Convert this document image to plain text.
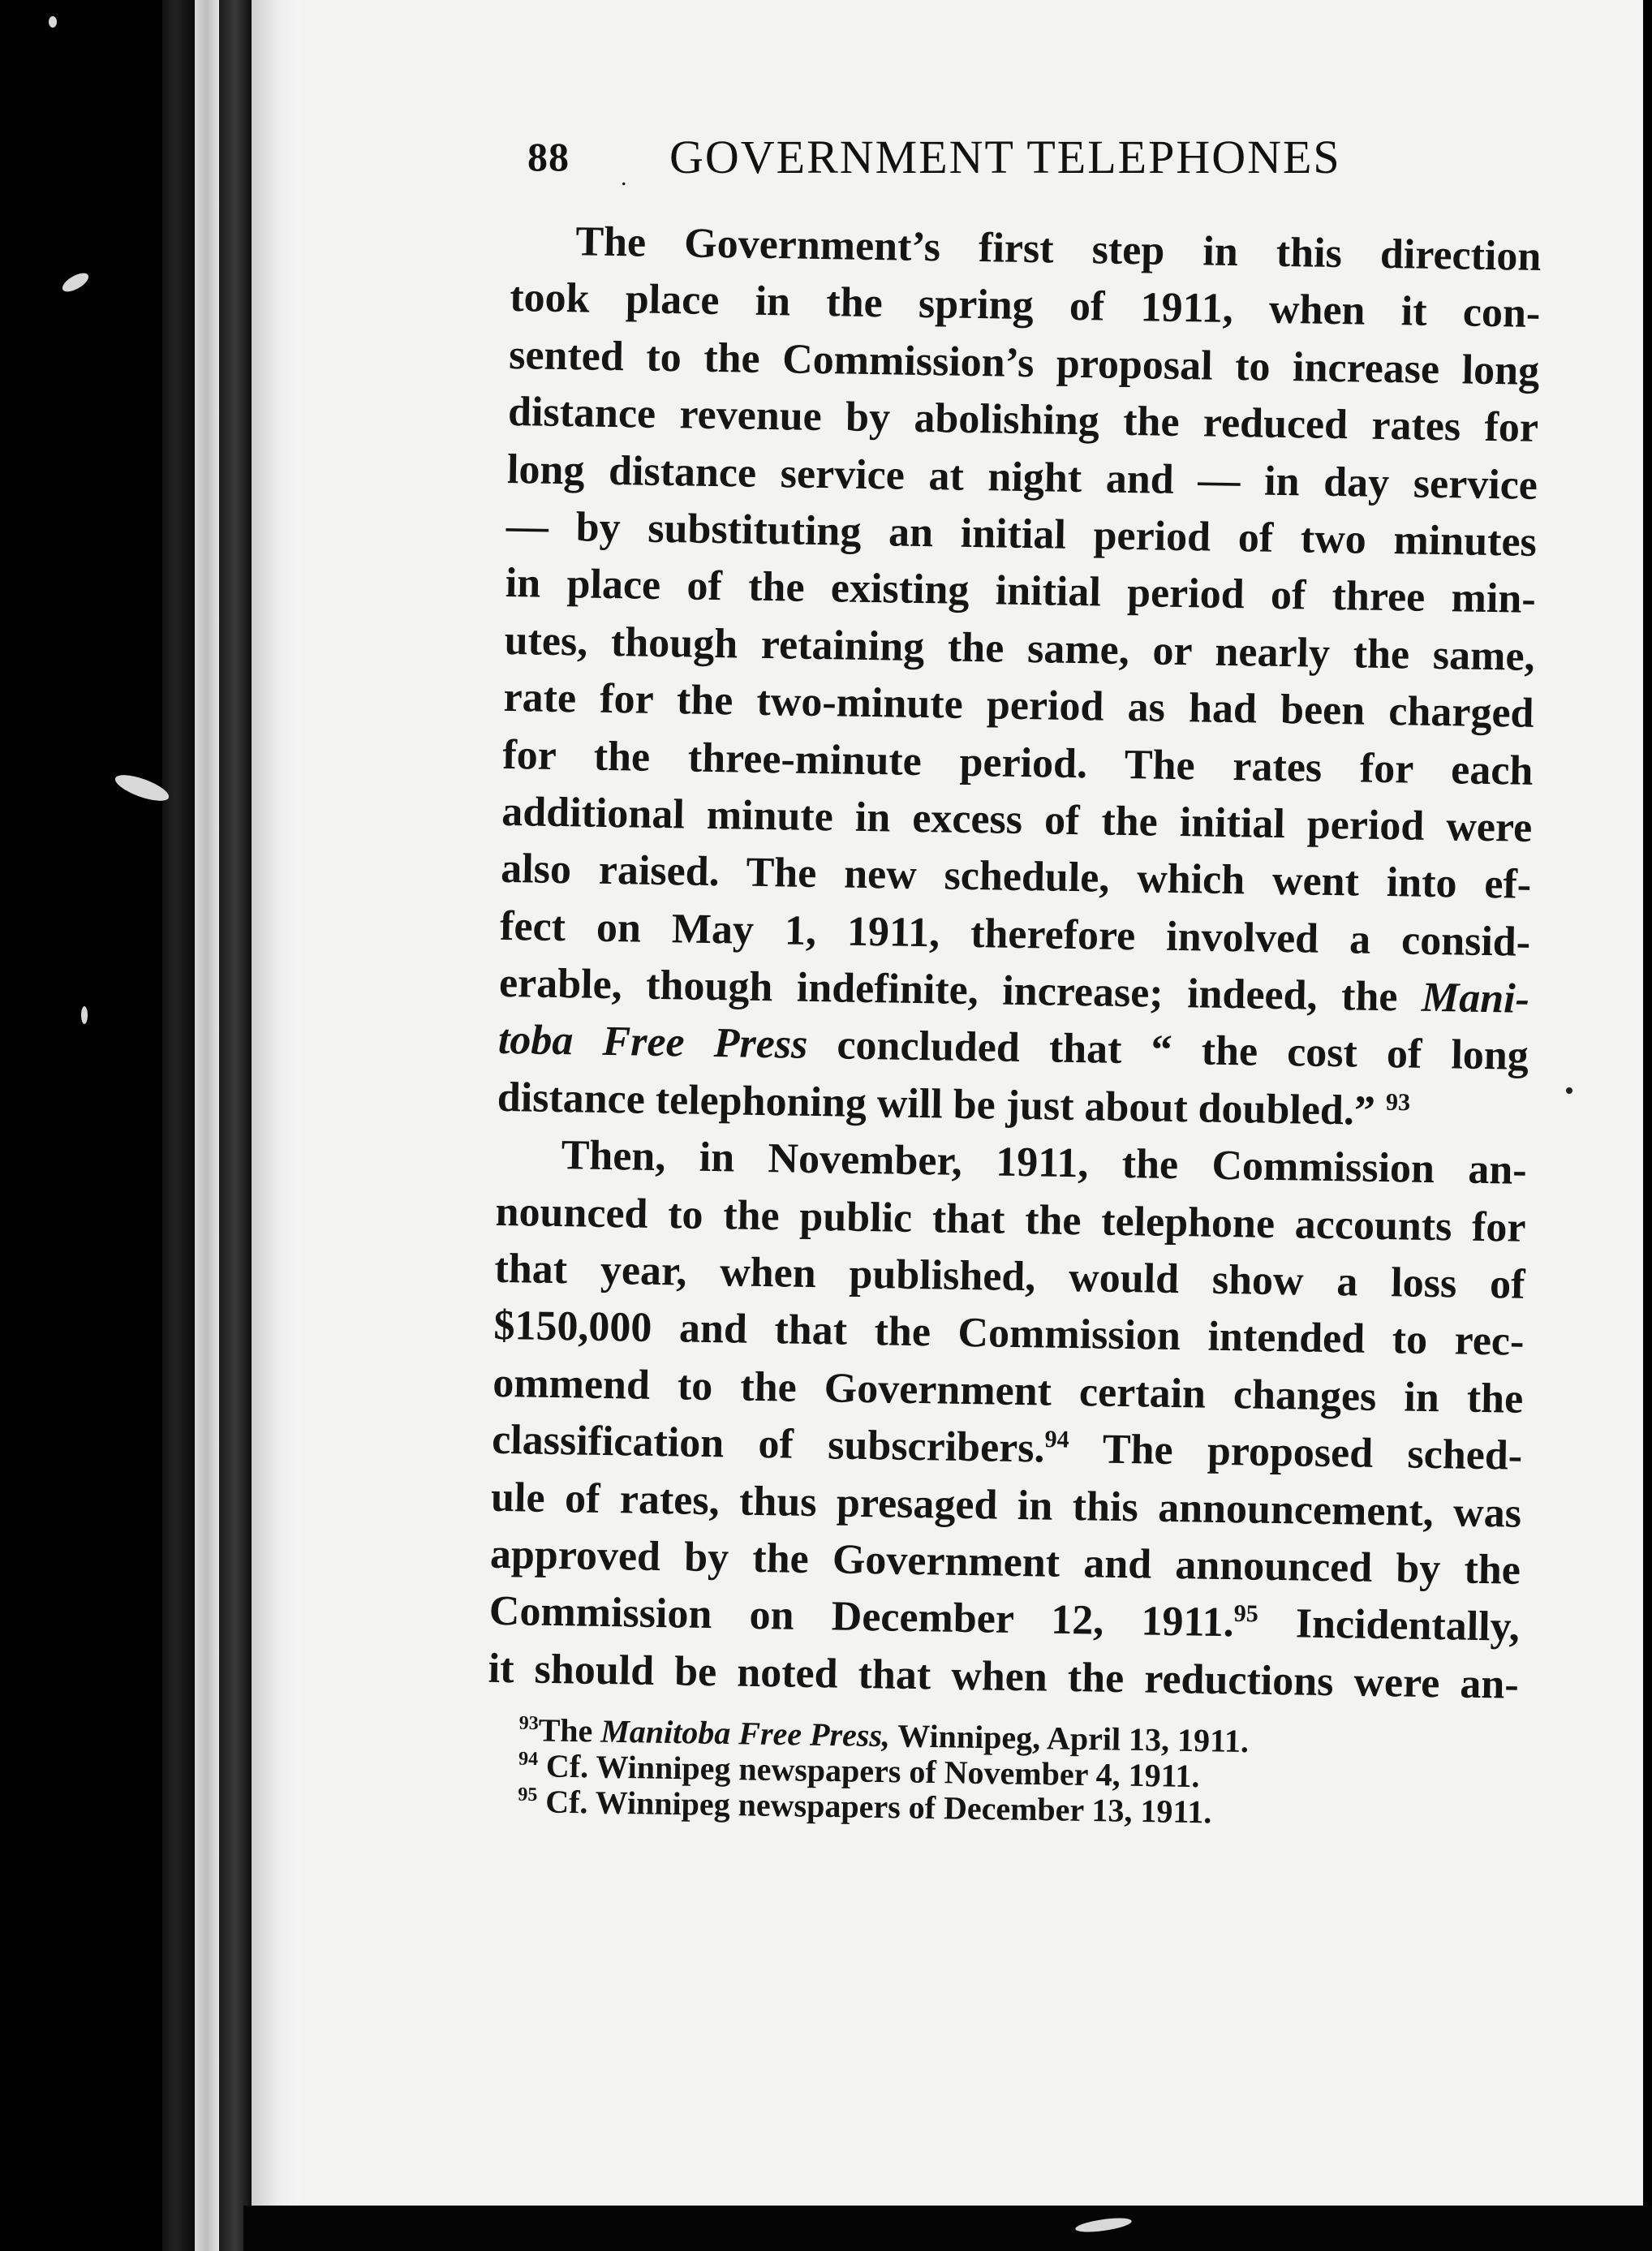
88 . GOVERNMENT TELEPHONES
The Government’s first step in this direction
took place in the spring of 1911, when it con-
sented to the Commission’s proposal to increase long
distance revenue by abolishing the reduced rates for
long distance service at night and — in day service
— by substituting an initial period of two minutes
in place of the existing initial period of three min-
utes, though retaining the same, or nearly the same,
rate for the two-minute period as had been charged
for the three-minute period. The rates for each
additional minute in excess of the initial period were
also raised. The new schedule, which went into ef-
fect on May 1, 1911, therefore involved a consid-
erable, though indefinite, increase; indeed, the Mani-
toba Free Press concluded that “ the cost of long
distance telephoning will be just about doubled.” $^{93}$
Then, in November, 1911, the Commission an-
nounced to the public that the telephone accounts for
that year, when published, would show a loss of
$150,000 and that the Commission intended to rec-
ommend to the Government certain changes in the
classification of subscribers.$^{94}$ The proposed sched-
ule of rates, thus presaged in this announcement, was
approved by the Government and announced by the
Commission on December 12, 1911.95 Incidentally,
it should be noted that when the reductions were an-
$^{93}$The Manitoba Free Press, Winnipeg, April 13, 1911.
$^{94}$ Cf. Winnipeg newspapers of November 4, 1911.
$^{95}$ Cf. Winnipeg newspapers of December 13, 1911.
